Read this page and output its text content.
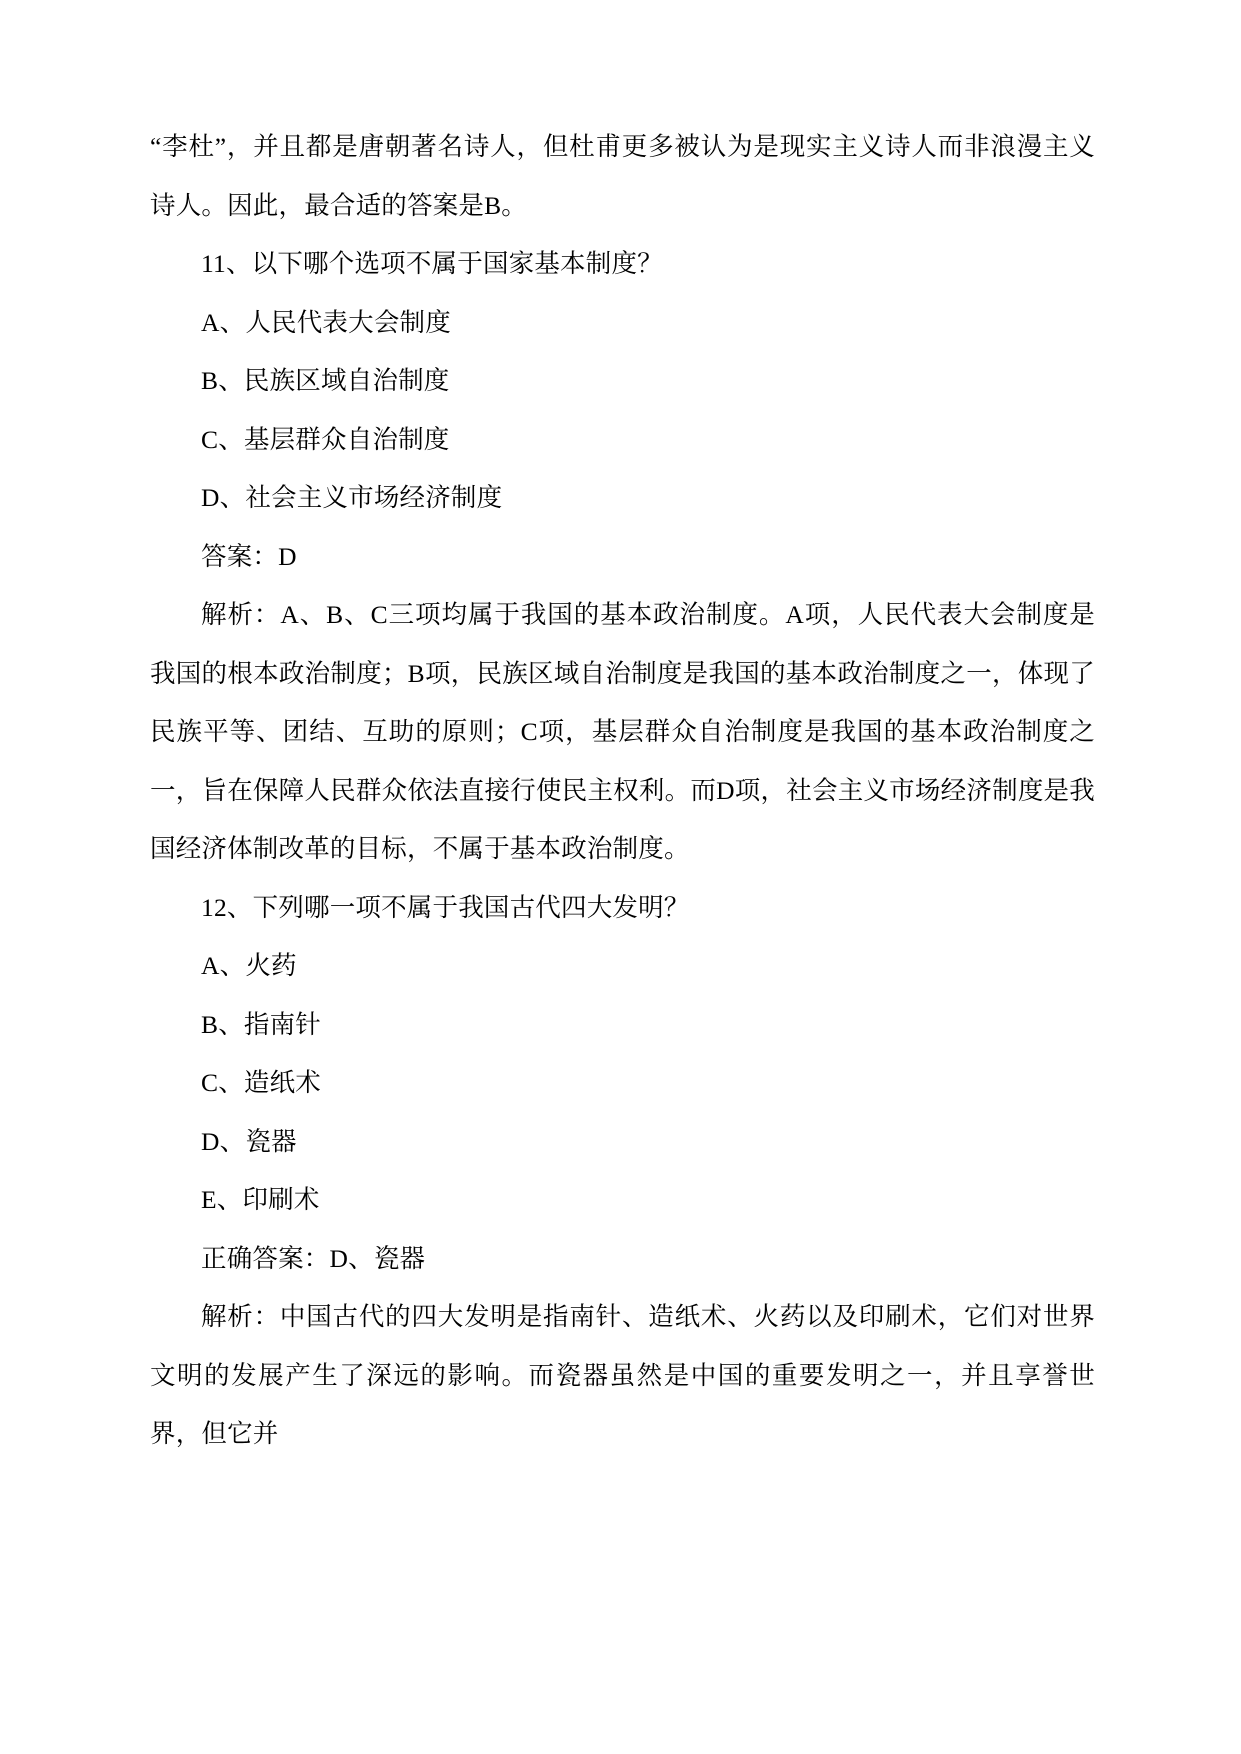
“李杜”，并且都是唐朝著名诗人，但杜甫更多被认为是现实主义诗人而非浪漫主义诗人。因此，最合适的答案是B。

11、以下哪个选项不属于国家基本制度？

A、人民代表大会制度

B、民族区域自治制度

C、基层群众自治制度

D、社会主义市场经济制度

答案：D

解析：A、B、C三项均属于我国的基本政治制度。A项，人民代表大会制度是我国的根本政治制度；B项，民族区域自治制度是我国的基本政治制度之一，体现了民族平等、团结、互助的原则；C项，基层群众自治制度是我国的基本政治制度之一，旨在保障人民群众依法直接行使民主权利。而D项，社会主义市场经济制度是我国经济体制改革的目标，不属于基本政治制度。

12、下列哪一项不属于我国古代四大发明？

A、火药

B、指南针

C、造纸术

D、瓷器

E、印刷术

正确答案：D、瓷器

解析：中国古代的四大发明是指南针、造纸术、火药以及印刷术，它们对世界文明的发展产生了深远的影响。而瓷器虽然是中国的重要发明之一，并且享誉世界，但它并
